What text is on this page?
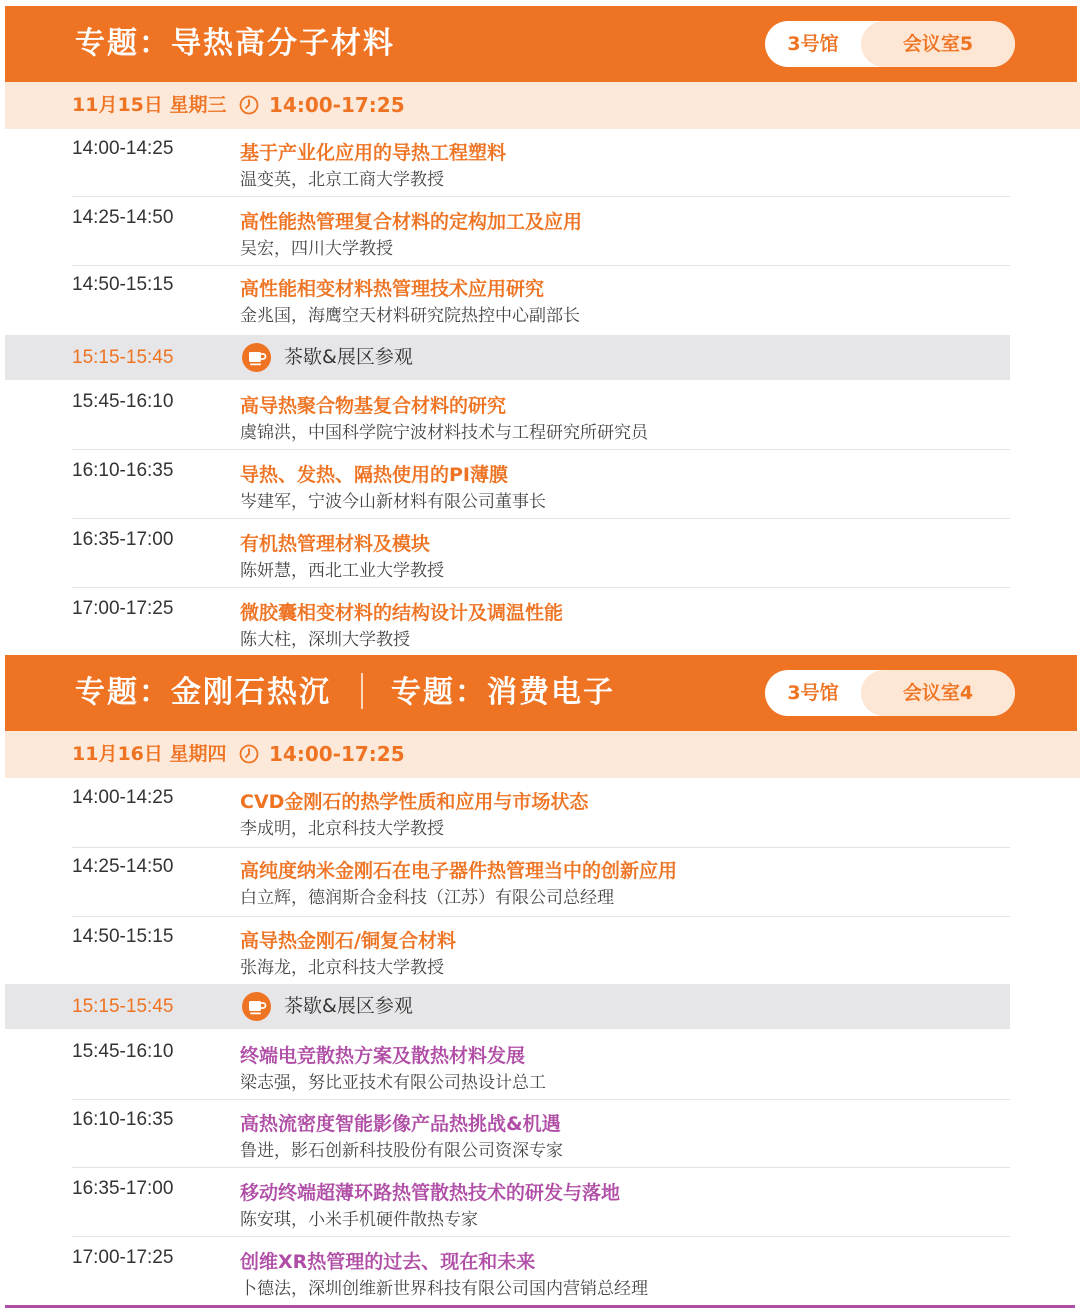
专题：导热高分子材料	3号馆	会议室5
11月15日 星期三 14:00-17:25
14:00-14:25	基于产业化应用的导热工程塑料
温变英，北京工商大学教授
14:25-14:50	高性能热管理复合材料的定构加工及应用
吴宏，四川大学教授
14:50-15:15	高性能相变材料热管理技术应用研究
金兆国，海鹰空天材料研究院热控中心副部长
15:15-15:45	茶歇&展区参观
15:45-16:10	高导热聚合物基复合材料的研究
虞锦洪，中国科学院宁波材料技术与工程研究所研究员
16:10-16:35	导热、发热、隔热使用的PI薄膜
岑建军，宁波今山新材料有限公司董事长
16:35-17:00	有机热管理材料及模块
陈妍慧，西北工业大学教授
17:00-17:25	微胶囊相变材料的结构设计及调温性能
陈大柱，深圳大学教授
专题：金刚石热沉 专题：消费电子	3号馆	会议室4
11月16日 星期四 14:00-17:25
14:00-14:25	CVD金刚石的热学性质和应用与市场状态
李成明，北京科技大学教授
14:25-14:50	高纯度纳米金刚石在电子器件热管理当中的创新应用
白立辉，德润斯合金科技（江苏）有限公司总经理
14:50-15:15	高导热金刚石/铜复合材料
张海龙，北京科技大学教授
15:15-15:45	茶歇&展区参观
15:45-16:10	终端电竞散热方案及散热材料发展
梁志强，努比亚技术有限公司热设计总工
16:10-16:35	高热流密度智能影像产品热挑战&机遇
鲁进，影石创新科技股份有限公司资深专家
16:35-17:00	移动终端超薄环路热管散热技术的研发与落地
陈安琪，小米手机硬件散热专家
17:00-17:25	创维XR热管理的过去、现在和未来
卜德法，深圳创维新世界科技有限公司国内营销总经理
